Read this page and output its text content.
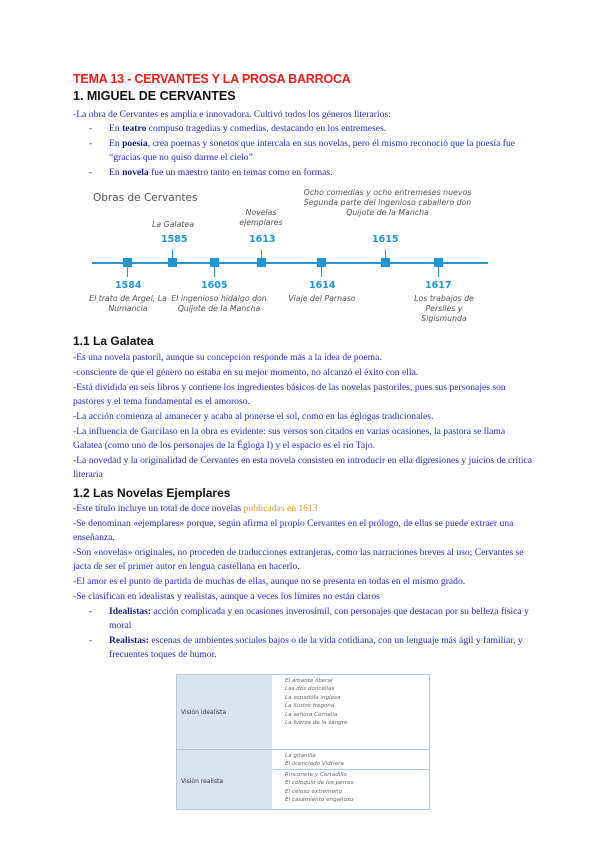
TEMA 13 - CERVANTES Y LA PROSA BARROCA
1. MIGUEL DE CERVANTES
-La obra de Cervantes es amplia e innovadora. Cultivó todos los géneros literarios:
- En teatro compuso tragedias y comedias, destacando en los entremeses.
- En poesía, crea poemas y sonetos que intercala en sus novelas, pero él mismo reconoció que la poesía fue “gracias que no quiso darme el cielo”
- En novela fue un maestro tanto en temas como en formas.
Obras de Cervantes
La Galatea
1585
Novelas ejemplares
1613
Ocho comedias y ocho entremeses nuevos Segunda parte del ingenioso caballero don Quijote de la Mancha
1615
1584
El trato de Argel, La Numancia
1605
El ingenioso hidalgo don Quijote de la Mancha
1614
Viaje del Parnaso
1617
Los trabajos de Persiles y Sigismunda
1.1 La Galatea
-Es una novela pastoril, aunque su concepción responde más a la idea de poema.
-consciente de que el género no estaba en su mejor momento, no alcanzó el éxito con ella.
-Está dividida en seis libros y contiene los ingredientes básicos de las novelas pastoriles, pues sus personajes son pastores y el tema fundamental es el amoroso.
-La acción comienza al amanecer y acaba al ponerse el sol, como en las églogas tradicionales.
-La influencia de Garcilaso en la obra es evidente: sus versos son citados en varias ocasiones, la pastora se llama Galatea (como uno de los personajes de la Égloga I) y el espacio es el río Tajo.
-La novedad y la originalidad de Cervantes en esta novela consisten en introducir en ella digresiones y juicios de crítica literaria
1.2 Las Novelas Ejemplares
-Este título incluye un total de doce novelas publicadas en 1613
-Se denominan «ejemplares» porque, según afirma el propio Cervantes en el prólogo, de ellas se puede extraer una enseñanza.
-Son «novelas» originales, no proceden de traducciones extranjeras, como las narraciones breves al uso; Cervantes se jacta de ser el primer autor en lengua castellana en hacerlo.
-El amor es el punto de partida de muchas de ellas, aunque no se presenta en todas en el mismo grado.
-Se clasifican en idealistas y realistas, aunque a veces los límites no están claros
- Idealistas: acción complicada y en ocasiones inverosímil, con personajes que destacan por su belleza física y moral
- Realistas: escenas de ambientes sociales bajos o de la vida cotidiana, con un lenguaje más ágil y familiar, y frecuentes toques de humor.
Visión idealista
El amante liberal
Las dos doncellas
La española inglesa
La ilustre fregona
La señora Cornelia
La fuerza de la sangre
Visión realista
La gitanilla
El licenciado Vidriera
Rinconete y Cortadillo
El coloquio de los perros
El celoso extremeño
El casamiento engañoso
